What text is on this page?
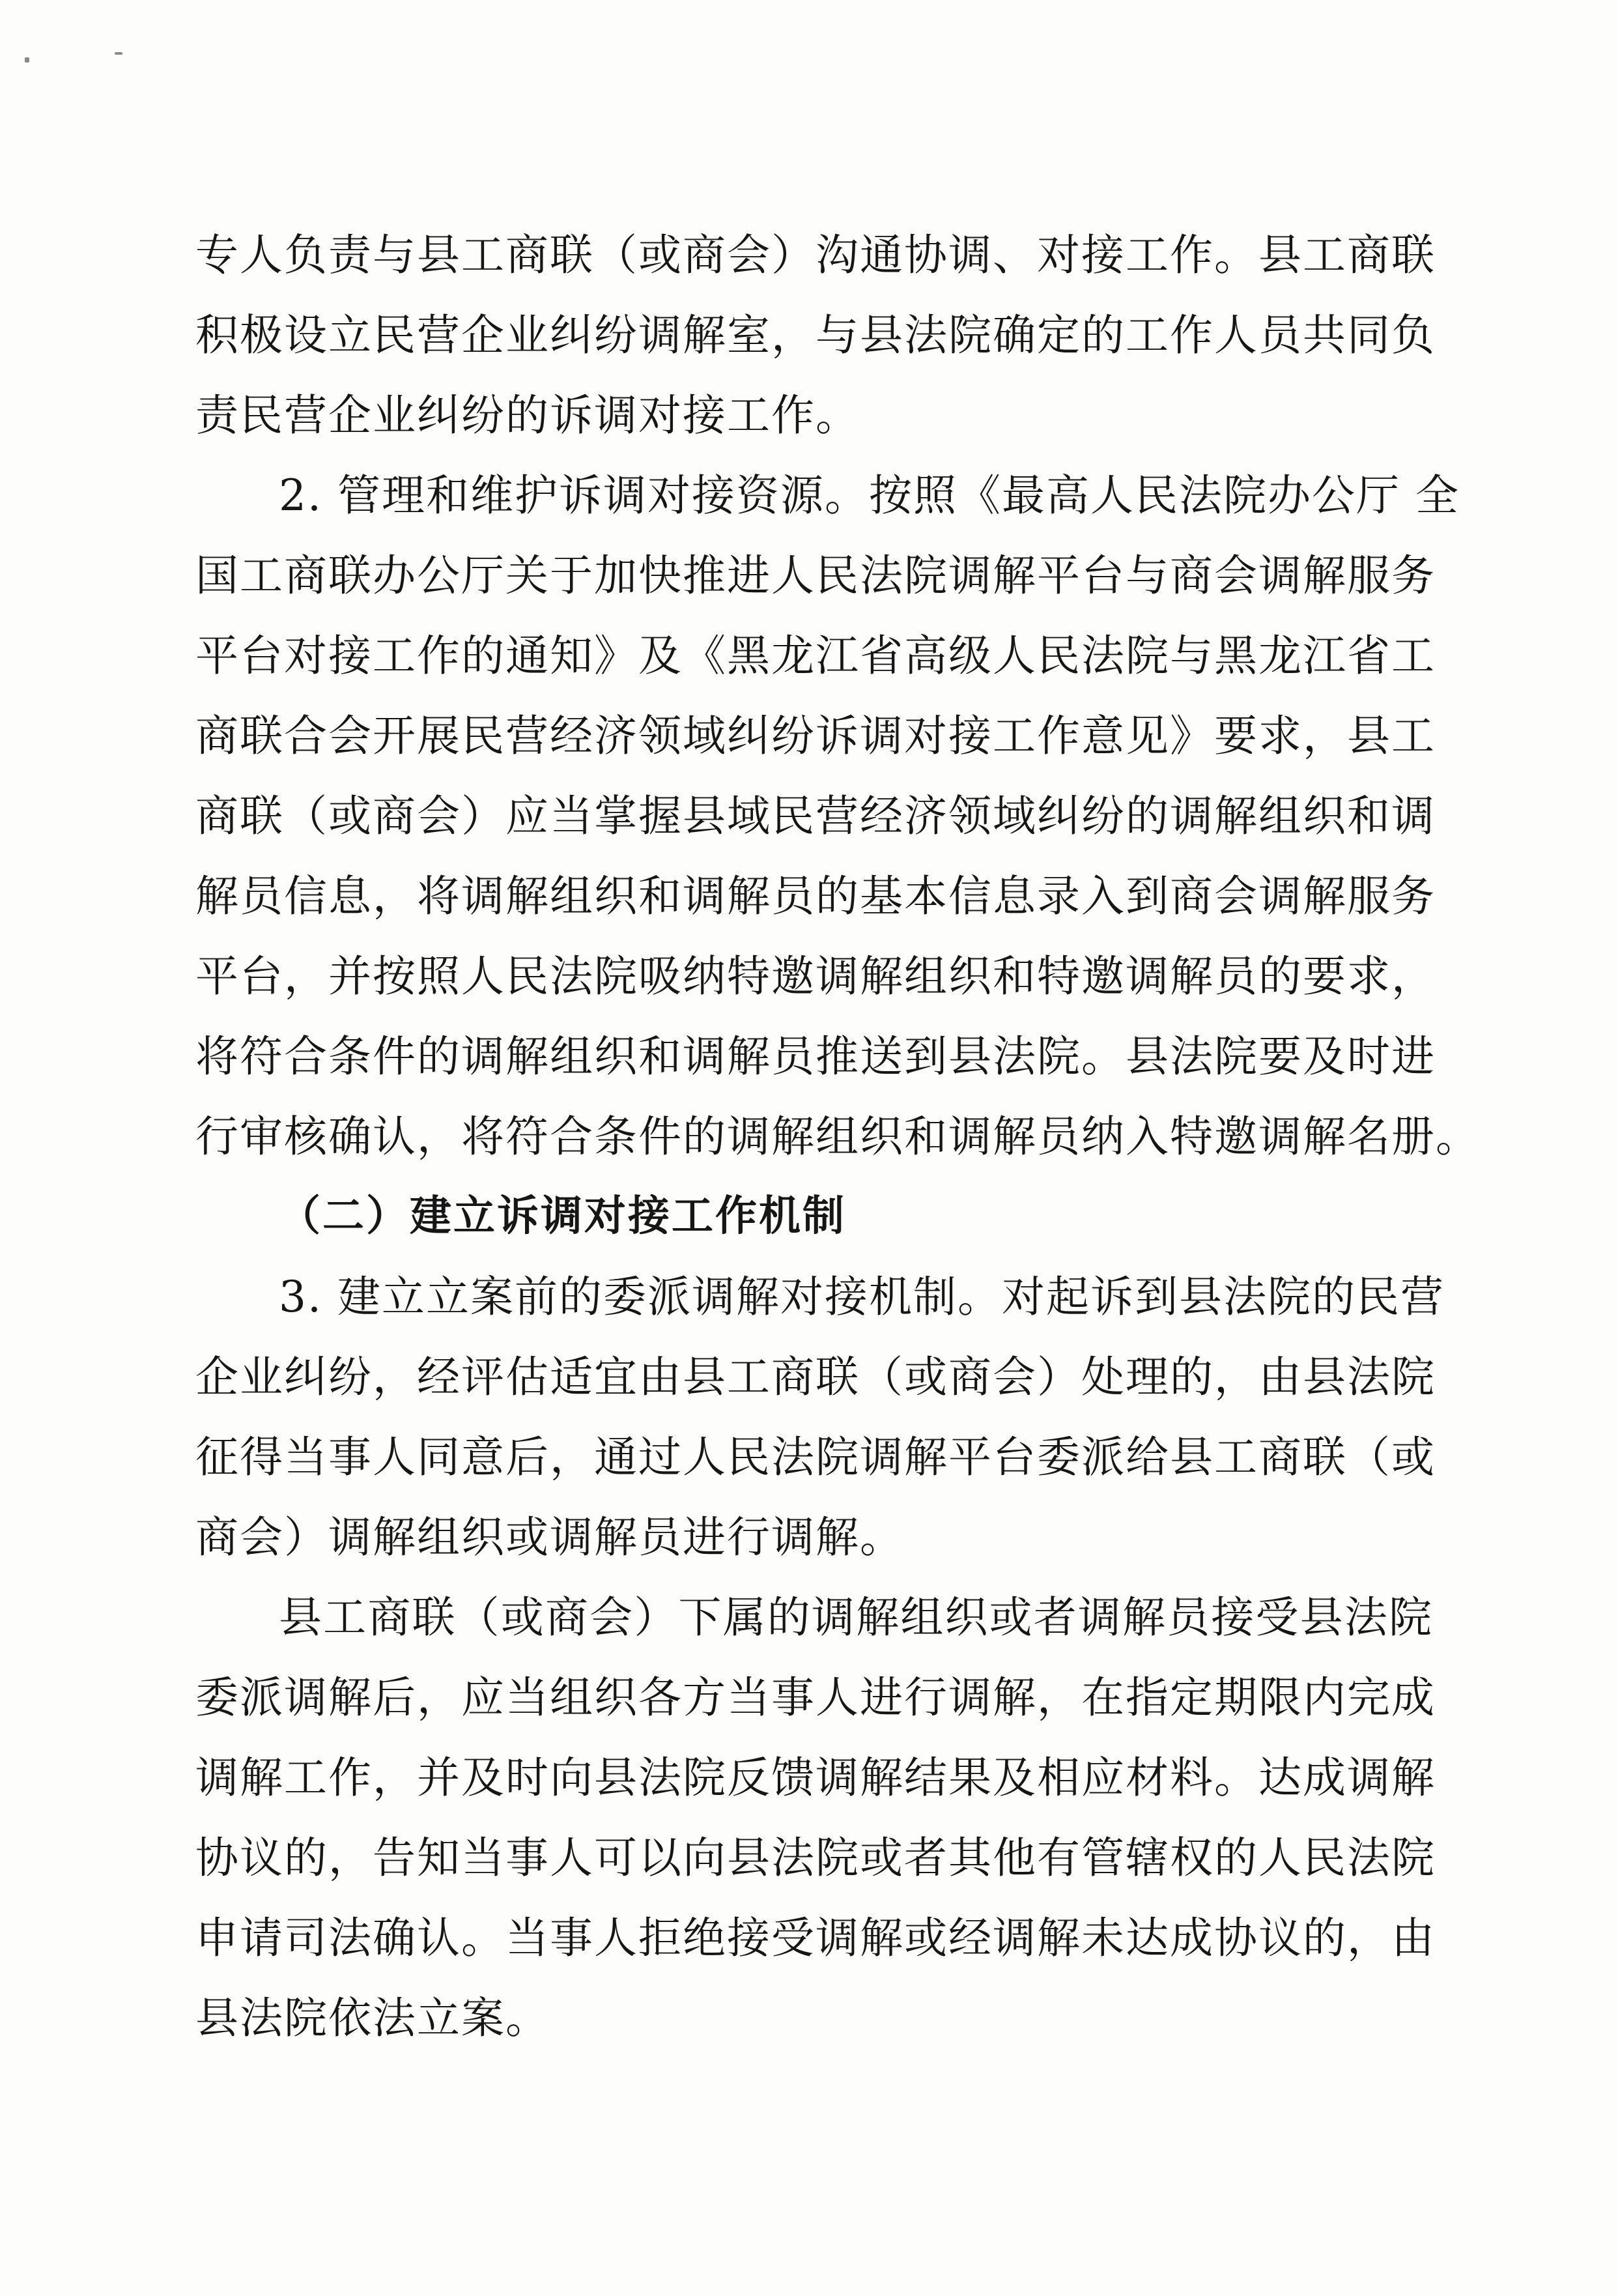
专人负责与县工商联（或商会）沟通协调、对接工作。县工商联
积极设立民营企业纠纷调解室，与县法院确定的工作人员共同负
责民营企业纠纷的诉调对接工作。
2. 管理和维护诉调对接资源。按照《最高人民法院办公厅 全
国工商联办公厅关于加快推进人民法院调解平台与商会调解服务
平台对接工作的通知》及《黑龙江省高级人民法院与黑龙江省工
商联合会开展民营经济领域纠纷诉调对接工作意见》要求，县工
商联（或商会）应当掌握县域民营经济领域纠纷的调解组织和调
解员信息，将调解组织和调解员的基本信息录入到商会调解服务
平台，并按照人民法院吸纳特邀调解组织和特邀调解员的要求，
将符合条件的调解组织和调解员推送到县法院。县法院要及时进
行审核确认，将符合条件的调解组织和调解员纳入特邀调解名册。
（二）建立诉调对接工作机制
3. 建立立案前的委派调解对接机制。对起诉到县法院的民营
企业纠纷，经评估适宜由县工商联（或商会）处理的，由县法院
征得当事人同意后，通过人民法院调解平台委派给县工商联（或
商会）调解组织或调解员进行调解。
县工商联（或商会）下属的调解组织或者调解员接受县法院
委派调解后，应当组织各方当事人进行调解，在指定期限内完成
调解工作，并及时向县法院反馈调解结果及相应材料。达成调解
协议的，告知当事人可以向县法院或者其他有管辖权的人民法院
申请司法确认。当事人拒绝接受调解或经调解未达成协议的，由
县法院依法立案。
